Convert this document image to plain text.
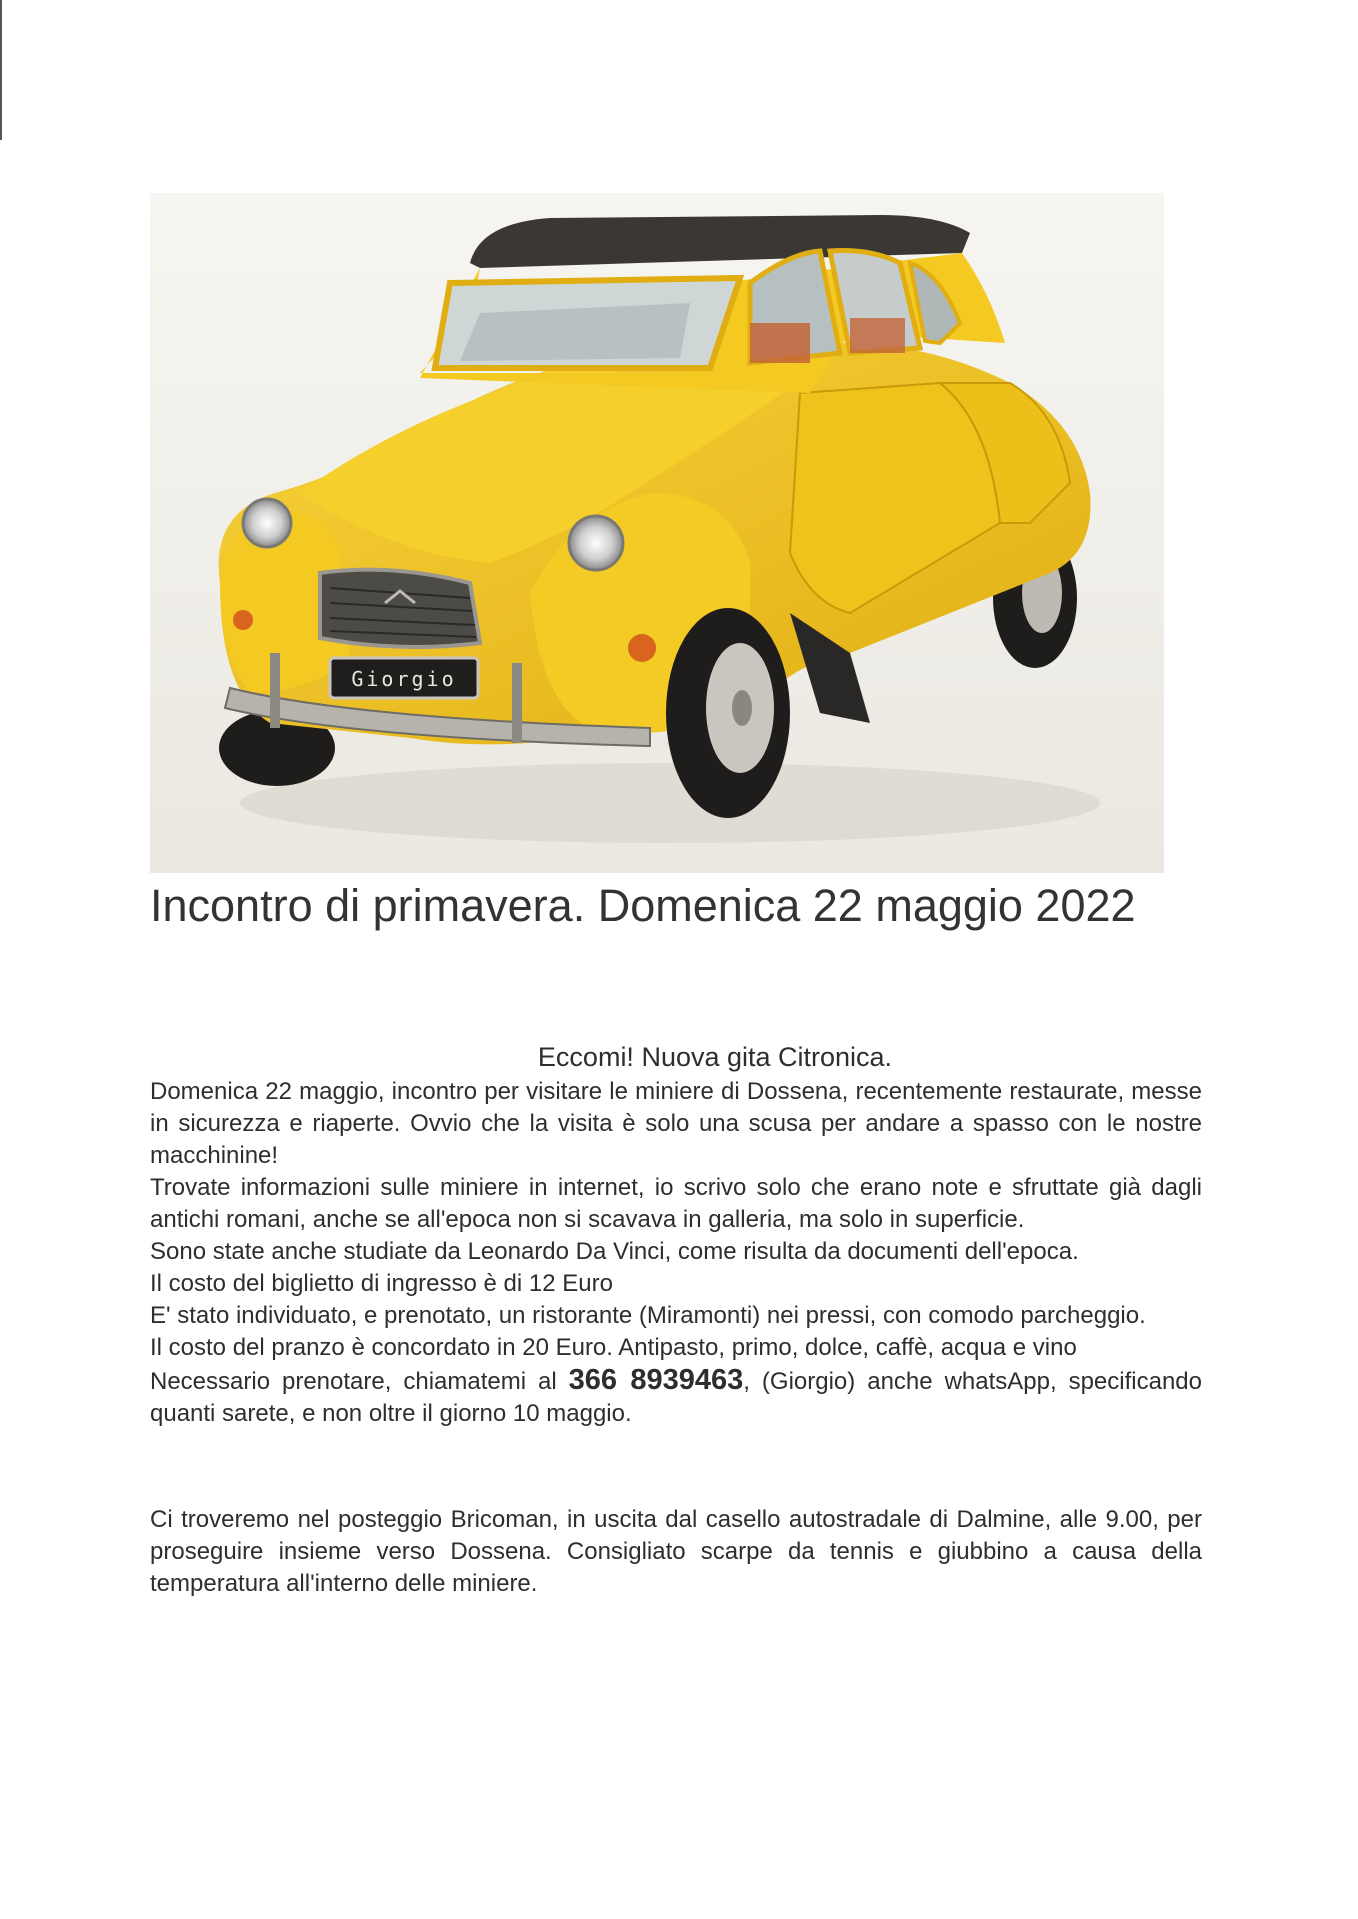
Giorgio
Incontro di primavera. Domenica 22 maggio 2022

Eccomi! Nuova gita Citronica.

Domenica 22 maggio, incontro per visitare le miniere di Dossena, recentemente restaurate, messe in sicurezza e riaperte. Ovvio che la visita è solo una scusa per andare a spasso con le nostre macchinine!

Trovate informazioni sulle miniere in internet, io scrivo solo che erano note e sfruttate già dagli antichi romani, anche se all'epoca non si scavava in galleria, ma solo in superficie.

Sono state anche studiate da Leonardo Da Vinci, come risulta da documenti dell'epoca.

Il costo del biglietto di ingresso è di 12 Euro

E' stato individuato, e prenotato, un ristorante (Miramonti) nei pressi, con comodo parcheggio.

Il costo del pranzo è concordato in 20 Euro. Antipasto, primo, dolce, caffè, acqua e vino

Necessario prenotare, chiamatemi al 366 8939463, (Giorgio) anche whatsApp, specificando quanti sarete, e non oltre il giorno 10 maggio.

Ci troveremo nel posteggio Bricoman, in uscita dal casello autostradale di Dalmine, alle 9.00, per proseguire insieme verso Dossena. Consigliato scarpe da tennis e giubbino a causa della temperatura all'interno delle miniere.
